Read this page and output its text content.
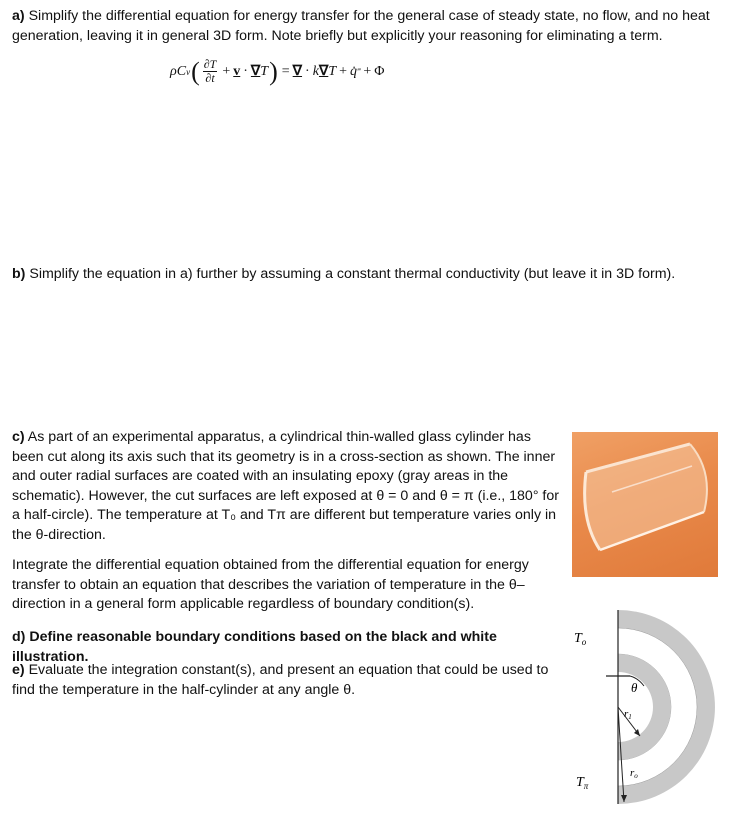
a) Simplify the differential equation for energy transfer for the general case of steady state, no flow, and no heat generation, leaving it in general 3D form. Note briefly but explicitly your reasoning for eliminating a term.
ρC v ( $\frac{\partial T}{\partial t} + v$ · ∇ T ) = ∇ · k ∇ T + q̇ ‴ + Φ
b) Simplify the equation in a) further by assuming a constant thermal conductivity (but leave it in 3D form).
c) As part of an experimental apparatus, a cylindrical thin-walled glass cylinder has been cut along its axis such that its geometry is in a cross-section as shown. The inner and outer radial surfaces are coated with an insulating epoxy (gray areas in the schematic). However, the cut surfaces are left exposed at θ = 0 and θ = π (i.e., 180° for a half-circle). The temperature at T₀ and Tπ are different but temperature varies only in the θ-direction.
Integrate the differential equation obtained from the differential equation for energy transfer to obtain an equation that describes the variation of temperature in the θ–direction in a general form applicable regardless of boundary condition(s).
d) Define reasonable boundary conditions based on the black and white illustration.
e) Evaluate the integration constant(s), and present an equation that could be used to find the temperature in the half-cylinder at any angle θ.
$T_o$
$T_\pi$
θ
r1
ro
